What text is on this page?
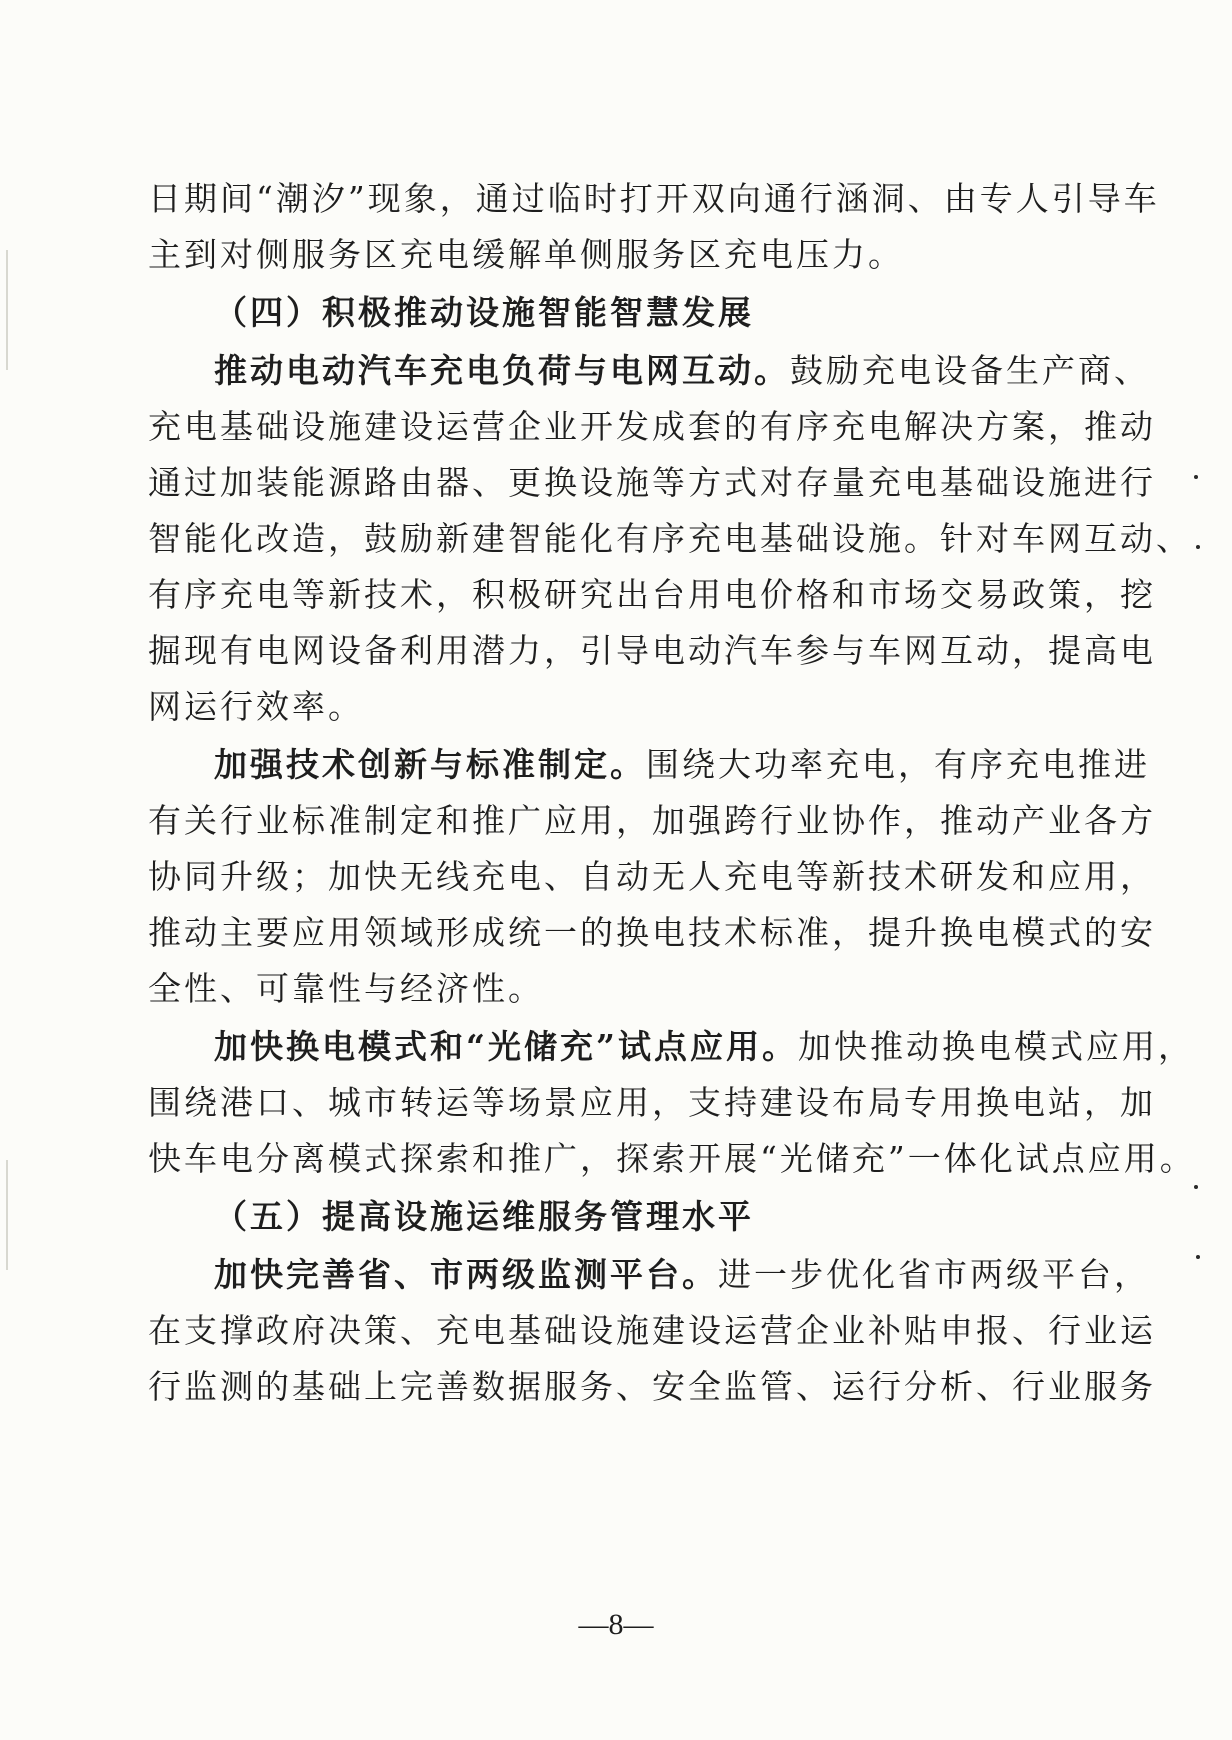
日期间“潮汐”现象，通过临时打开双向通行涵洞、由专人引导车
主到对侧服务区充电缓解单侧服务区充电压力。
（四）积极推动设施智能智慧发展
推动电动汽车充电负荷与电网互动。鼓励充电设备生产商、
充电基础设施建设运营企业开发成套的有序充电解决方案，推动
通过加装能源路由器、更换设施等方式对存量充电基础设施进行
智能化改造，鼓励新建智能化有序充电基础设施。针对车网互动、
有序充电等新技术，积极研究出台用电价格和市场交易政策，挖
掘现有电网设备利用潜力，引导电动汽车参与车网互动，提高电
网运行效率。
加强技术创新与标准制定。围绕大功率充电，有序充电推进
有关行业标准制定和推广应用，加强跨行业协作，推动产业各方
协同升级；加快无线充电、自动无人充电等新技术研发和应用，
推动主要应用领域形成统一的换电技术标准，提升换电模式的安
全性、可靠性与经济性。
加快换电模式和“光储充”试点应用。加快推动换电模式应用，
围绕港口、城市转运等场景应用，支持建设布局专用换电站，加
快车电分离模式探索和推广，探索开展“光储充”一体化试点应用。
（五）提高设施运维服务管理水平
加快完善省、市两级监测平台。进一步优化省市两级平台，
在支撑政府决策、充电基础设施建设运营企业补贴申报、行业运
行监测的基础上完善数据服务、安全监管、运行分析、行业服务
—8—
